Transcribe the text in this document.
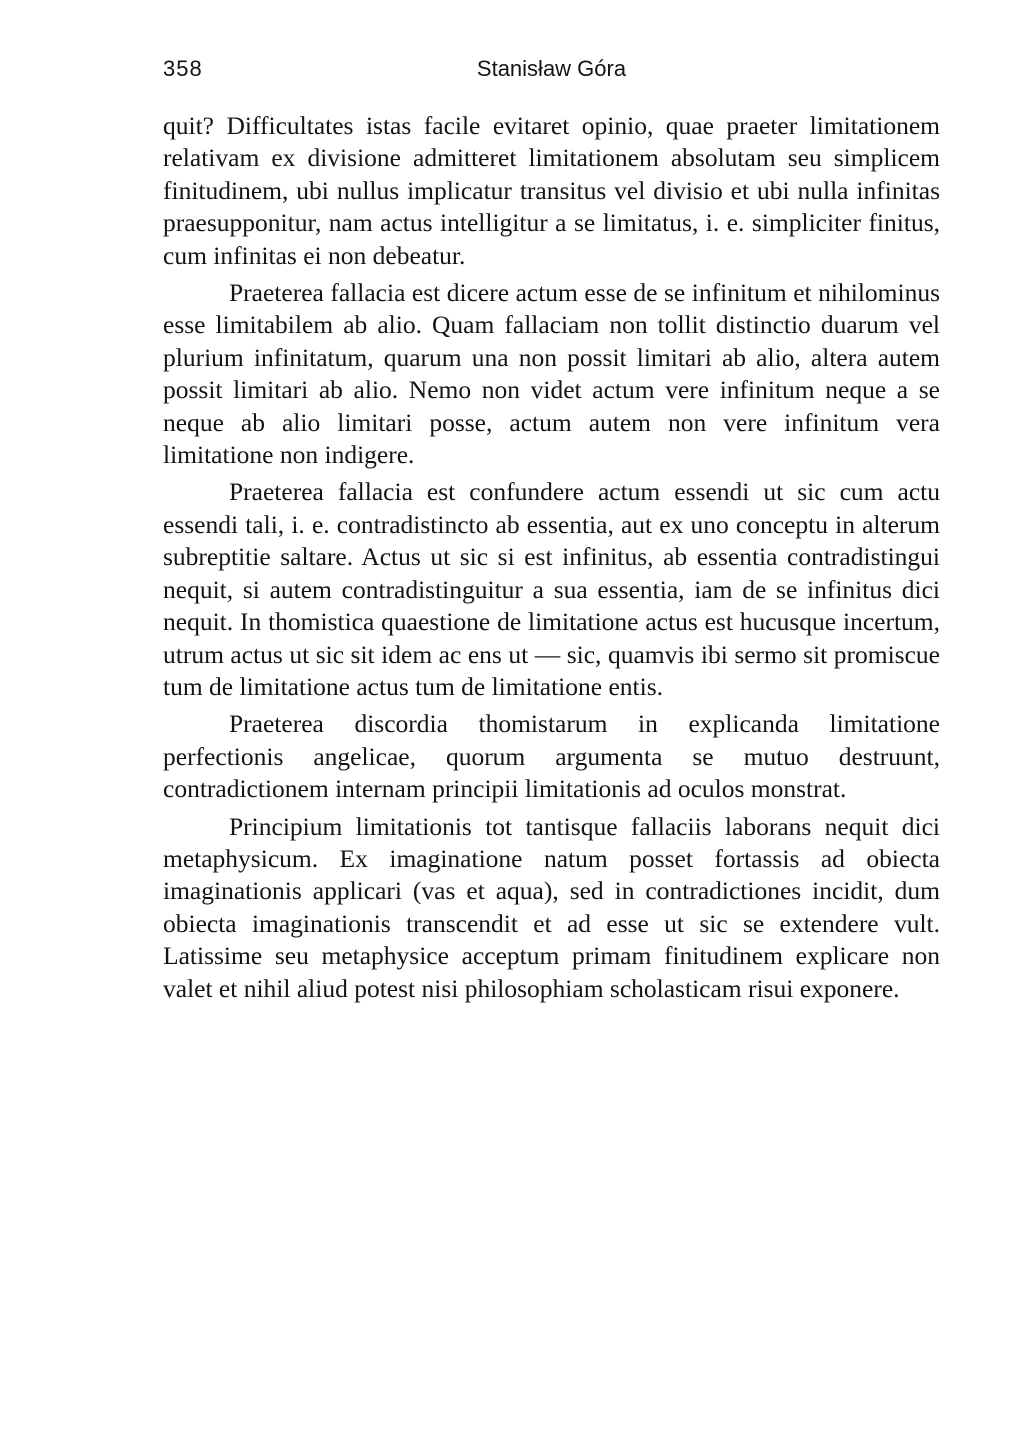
358	Stanisław Góra

quit? Difficultates istas facile evitaret opinio, quae praeter limitationem relativam ex divisione admitteret limitationem absolutam seu simplicem finitudinem, ubi nullus implicatur transitus vel divisio et ubi nulla infinitas praesupponitur, nam actus intelligitur a se limitatus, i. e. simpliciter finitus, cum infinitas ei non debeatur.

Praeterea fallacia est dicere actum esse de se infinitum et nihilominus esse limitabilem ab alio. Quam fallaciam non tollit distinctio duarum vel plurium infinitatum, quarum una non possit limitari ab alio, altera autem possit limitari ab alio. Nemo non videt actum vere infinitum neque a se neque ab alio limitari posse, actum autem non vere infinitum vera limitatione non indigere.

Praeterea fallacia est confundere actum essendi ut sic cum actu essendi tali, i. e. contradistincto ab essentia, aut ex uno conceptu in alterum subreptitie saltare. Actus ut sic si est infinitus, ab essentia contradistingui nequit, si autem contradistinguitur a sua essentia, iam de se infinitus dici nequit. In thomistica quaestione de limitatione actus est hucusque incertum, utrum actus ut sic sit idem ac ens ut — sic, quamvis ibi sermo sit promiscue tum de limitatione actus tum de limitatione entis.

Praeterea discordia thomistarum in explicanda limitatione perfectionis angelicae, quorum argumenta se mutuo destruunt, contradictionem internam principii limitationis ad oculos monstrat.

Principium limitationis tot tantisque fallaciis laborans nequit dici metaphysicum. Ex imaginatione natum posset fortassis ad obiecta imaginationis applicari (vas et aqua), sed in contradictiones incidit, dum obiecta imaginationis transcendit et ad esse ut sic se extendere vult. Latissime seu metaphysice acceptum primam finitudinem explicare non valet et nihil aliud potest nisi philosophiam scholasticam risui exponere.
